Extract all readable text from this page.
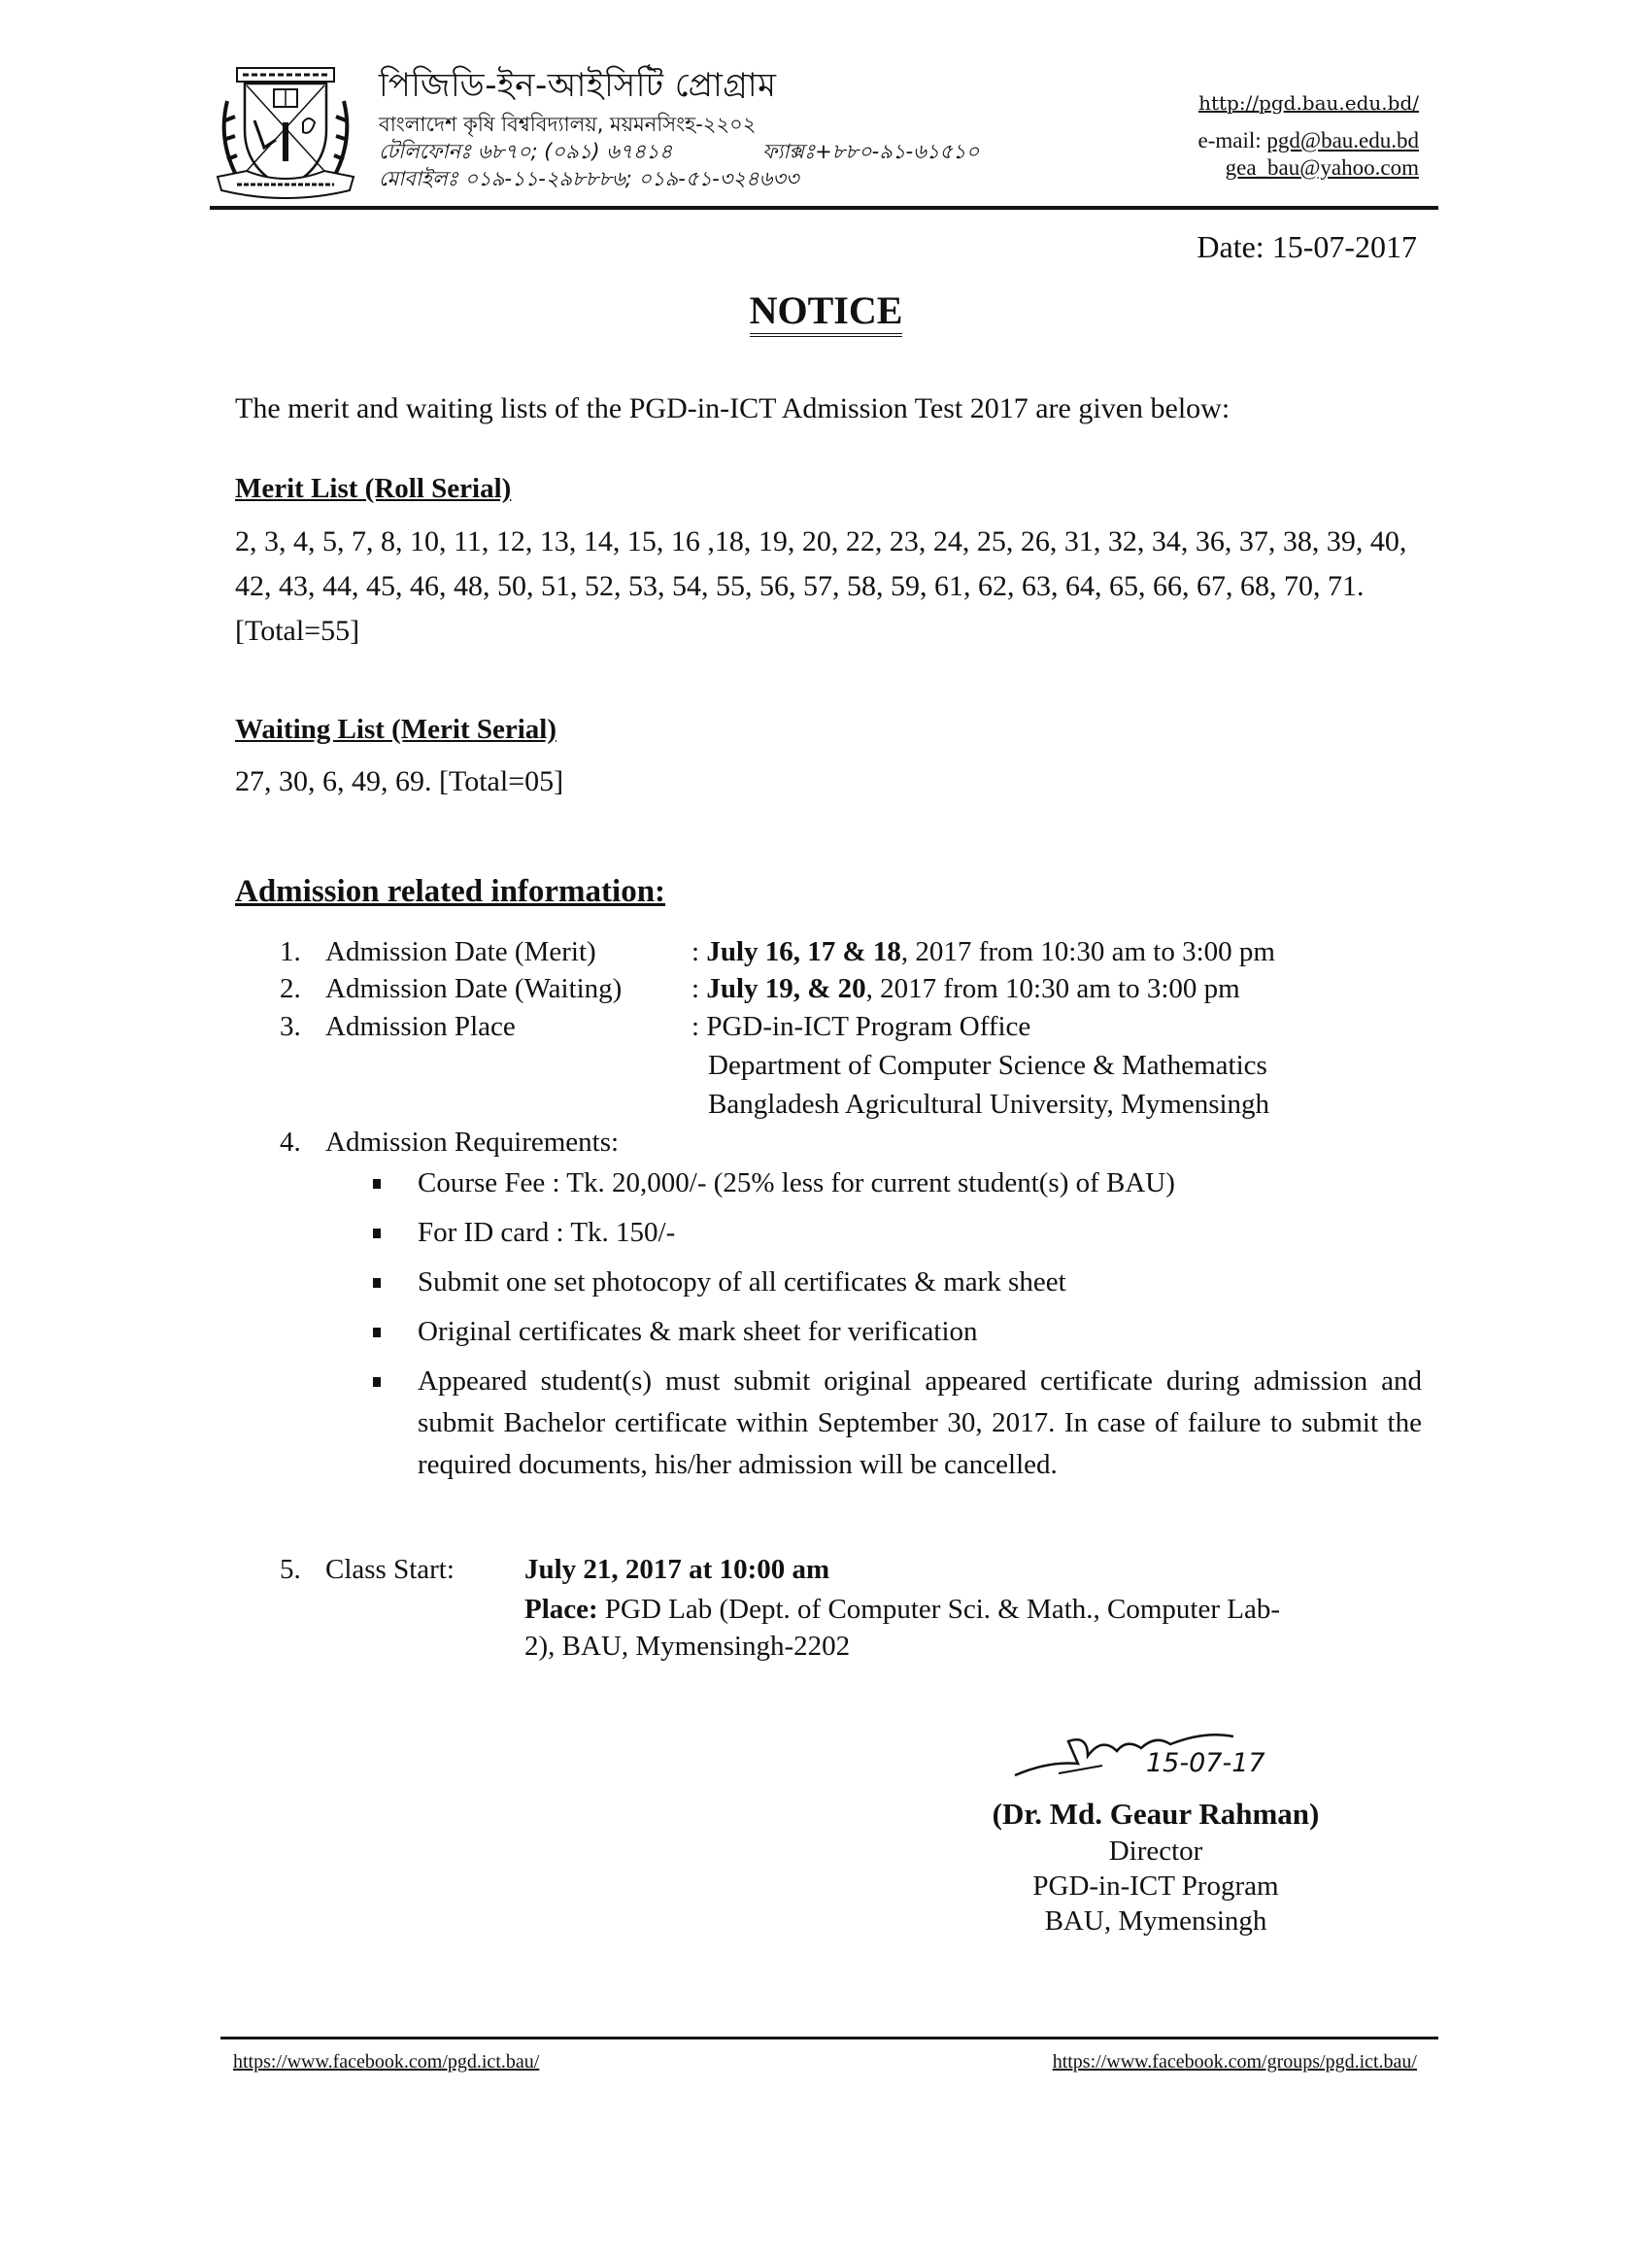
পিজিডি-ইন-আইসিটি প্রোগ্রাম
বাংলাদেশ কৃষি বিশ্ববিদ্যালয়, ময়মনসিংহ-২২০২
টেলিফোনঃ ৬৮৭০; (০৯১) ৬৭৪১৪	ফ্যাক্সঃ+৮৮০-৯১-৬১৫১০
মোবাইলঃ ০১৯-১১-২৯৮৮৮৬; ০১৯-৫১-৩২৪৬৩৩
http://pgd.bau.edu.bd/
e-mail: pgd@bau.edu.bd
gea_bau@yahoo.com
Date: 15-07-2017
NOTICE
The merit and waiting lists of the PGD-in-ICT Admission Test 2017 are given below:
Merit List (Roll Serial)
2, 3, 4, 5, 7, 8, 10, 11, 12, 13, 14, 15, 16 ,18, 19, 20, 22, 23, 24, 25, 26, 31, 32, 34, 36, 37, 38, 39, 40, 42, 43, 44, 45, 46, 48, 50, 51, 52, 53, 54, 55, 56, 57, 58, 59, 61, 62, 63, 64, 65, 66, 67, 68, 70, 71. [Total=55]
Waiting List (Merit Serial)
27, 30, 6, 49, 69. [Total=05]
Admission related information:
1. Admission Date (Merit)	: July 16, 17 & 18, 2017 from 10:30 am to 3:00 pm
2. Admission Date (Waiting) : July 19, & 20, 2017 from 10:30 am to 3:00 pm
3. Admission Place	: PGD-in-ICT Program Office
Department of Computer Science & Mathematics
Bangladesh Agricultural University, Mymensingh
4. Admission Requirements:
Course Fee : Tk. 20,000/- (25% less for current student(s) of BAU)
For ID card : Tk. 150/-
Submit one set photocopy of all certificates & mark sheet
Original certificates & mark sheet for verification
Appeared student(s) must submit original appeared certificate during admission and submit Bachelor certificate within September 30, 2017. In case of failure to submit the required documents, his/her admission will be cancelled.
5. Class Start: July 21, 2017 at 10:00 am
Place: PGD Lab (Dept. of Computer Sci. & Math., Computer Lab-
2), BAU, Mymensingh-2202
15-07-17
(Dr. Md. Geaur Rahman)
Director
PGD-in-ICT Program
BAU, Mymensingh
https://www.facebook.com/pgd.ict.bau/	https://www.facebook.com/groups/pgd.ict.bau/
